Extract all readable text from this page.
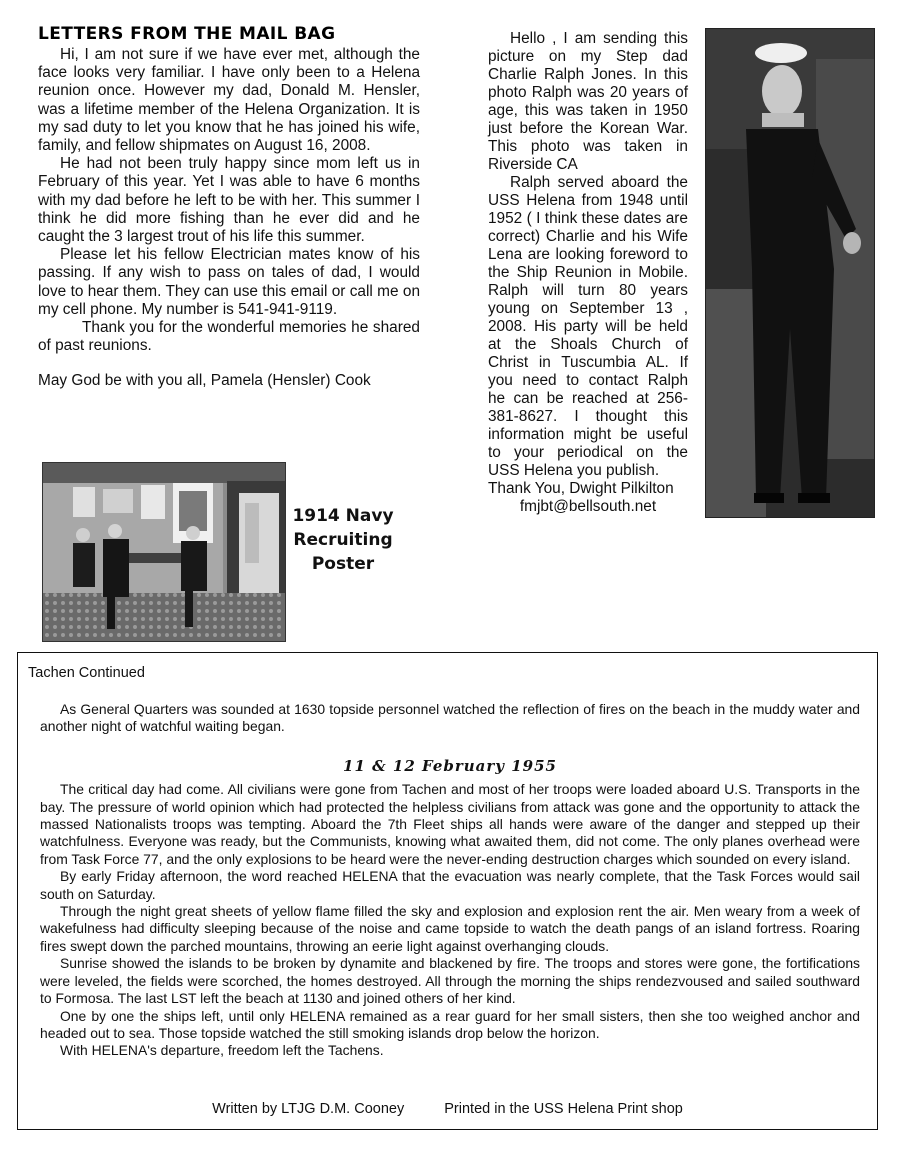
LETTERS FROM THE MAIL BAG

Hi, I am not sure if we have ever met, although the face looks very familiar. I have only been to a Helena reunion once. However my dad, Donald M. Hensler, was a lifetime member of the Helena Organization. It is my sad duty to let you know that he has joined his wife, family, and fellow shipmates on August 16, 2008.

He had not been truly happy since mom left us in February of this year. Yet I was able to have 6 months with my dad before he left to be with her. This summer I think he did more fishing than he ever did and he caught the 3 largest trout of his life this summer.

Please let his fellow Electrician mates know of his passing. If any wish to pass on tales of dad, I would love to hear them. They can use this email or call me on my cell phone. My number is 541-941-9119.

Thank you for the wonderful memories he shared of past reunions.

May God be with you all, Pamela (Hensler) Cook

1914 Navy
Recruiting
Poster

Hello , I am sending this picture on my Step dad Charlie Ralph Jones. In this photo Ralph was 20 years of age, this was taken in 1950 just before the Korean War. This photo was taken in Riverside CA

Ralph served aboard the USS Helena from 1948 until 1952 ( I think these dates are correct) Charlie and his Wife Lena are looking foreword to the Ship Reunion in Mobile. Ralph will turn 80 years young on September 13 , 2008. His party will be held at the Shoals Church of Christ in Tuscumbia AL. If you need to contact Ralph he can be reached at 256-381-8627. I thought this information might be useful to your periodical on the USS Helena you publish.

Thank You, Dwight Pilkilton

fmjbt@bellsouth.net

Tachen Continued

As General Quarters was sounded at 1630 topside personnel watched the reflection of fires on the beach in the muddy water and another night of watchful waiting began.

11 & 12 February 1955

The critical day had come. All civilians were gone from Tachen and most of her troops were loaded aboard U.S. Transports in the bay. The pressure of world opinion which had protected the helpless civilians from attack was gone and the opportunity to attack the massed Nationalists troops was tempting. Aboard the 7th Fleet ships all hands were aware of the danger and stepped up their watchfulness. Everyone was ready, but the Communists, knowing what awaited them, did not come. The only planes overhead were from Task Force 77, and the only explosions to be heard were the never-ending destruction charges which sounded on every island.

By early Friday afternoon, the word reached HELENA that the evacuation was nearly complete, that the Task Forces would sail south on Saturday.

Through the night great sheets of yellow flame filled the sky and explosion and explosion rent the air. Men weary from a week of wakefulness had difficulty sleeping because of the noise and came topside to watch the death pangs of an island fortress. Roaring fires swept down the parched mountains, throwing an eerie light against overhanging clouds.

Sunrise showed the islands to be broken by dynamite and blackened by fire. The troops and stores were gone, the fortifications were leveled, the fields were scorched, the homes destroyed. All through the morning the ships rendezvoused and sailed southward to Formosa. The last LST left the beach at 1130 and joined others of her kind.

One by one the ships left, until only HELENA remained as a rear guard for her small sisters, then she too weighed anchor and headed out to sea. Those topside watched the still smoking islands drop below the horizon.

With HELENA's departure, freedom left the Tachens.

Written by LTJG D.M. Cooney	Printed in the USS Helena Print shop
